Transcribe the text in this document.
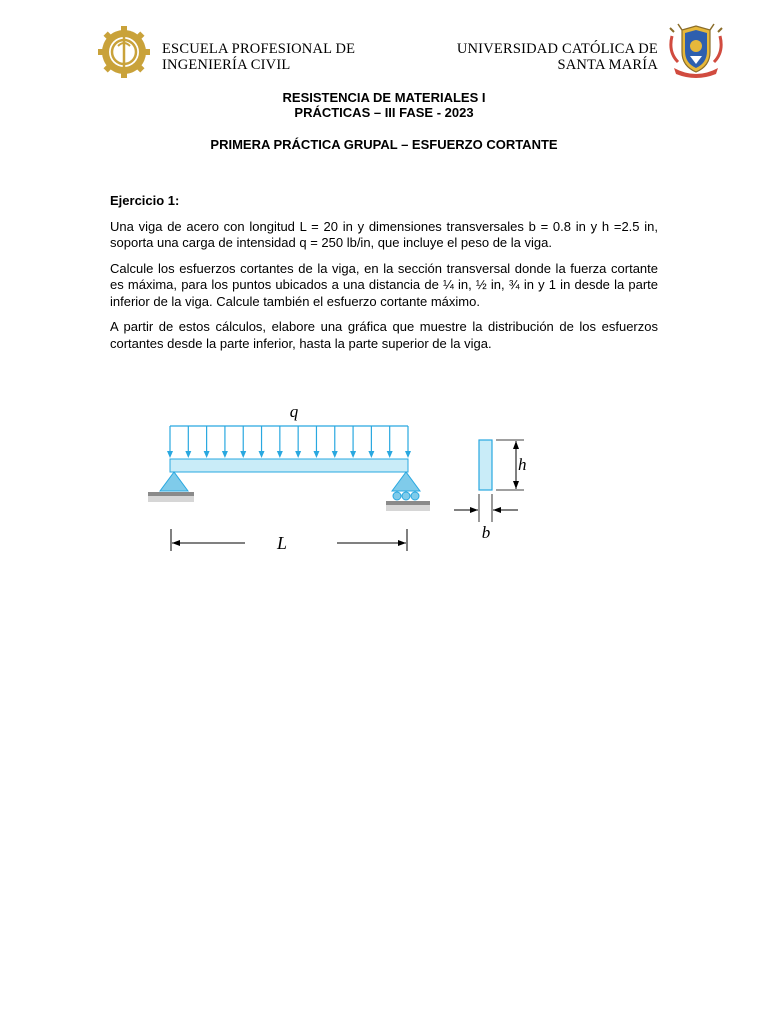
ESCUELA PROFESIONAL DE
INGENIERÍA CIVIL
UNIVERSIDAD CATÓLICA DE
SANTA MARÍA
RESISTENCIA DE MATERIALES I
PRÁCTICAS – III FASE - 2023
PRIMERA PRÁCTICA GRUPAL – ESFUERZO CORTANTE
Ejercicio 1:

Una viga de acero con longitud L = 20 in y dimensiones transversales b = 0.8 in y h =2.5 in, soporta una carga de intensidad q = 250 lb/in, que incluye el peso de la viga.

Calcule los esfuerzos cortantes de la viga, en la sección transversal donde la fuerza cortante es máxima, para los puntos ubicados a una distancia de ¼ in, ½ in, ¾ in y 1 in desde la parte inferior de la viga. Calcule también el esfuerzo cortante máximo.

A partir de estos cálculos, elabore una gráfica que muestre la distribución de los esfuerzos cortantes desde la parte inferior, hasta la parte superior de la viga.

q
L
h
b
